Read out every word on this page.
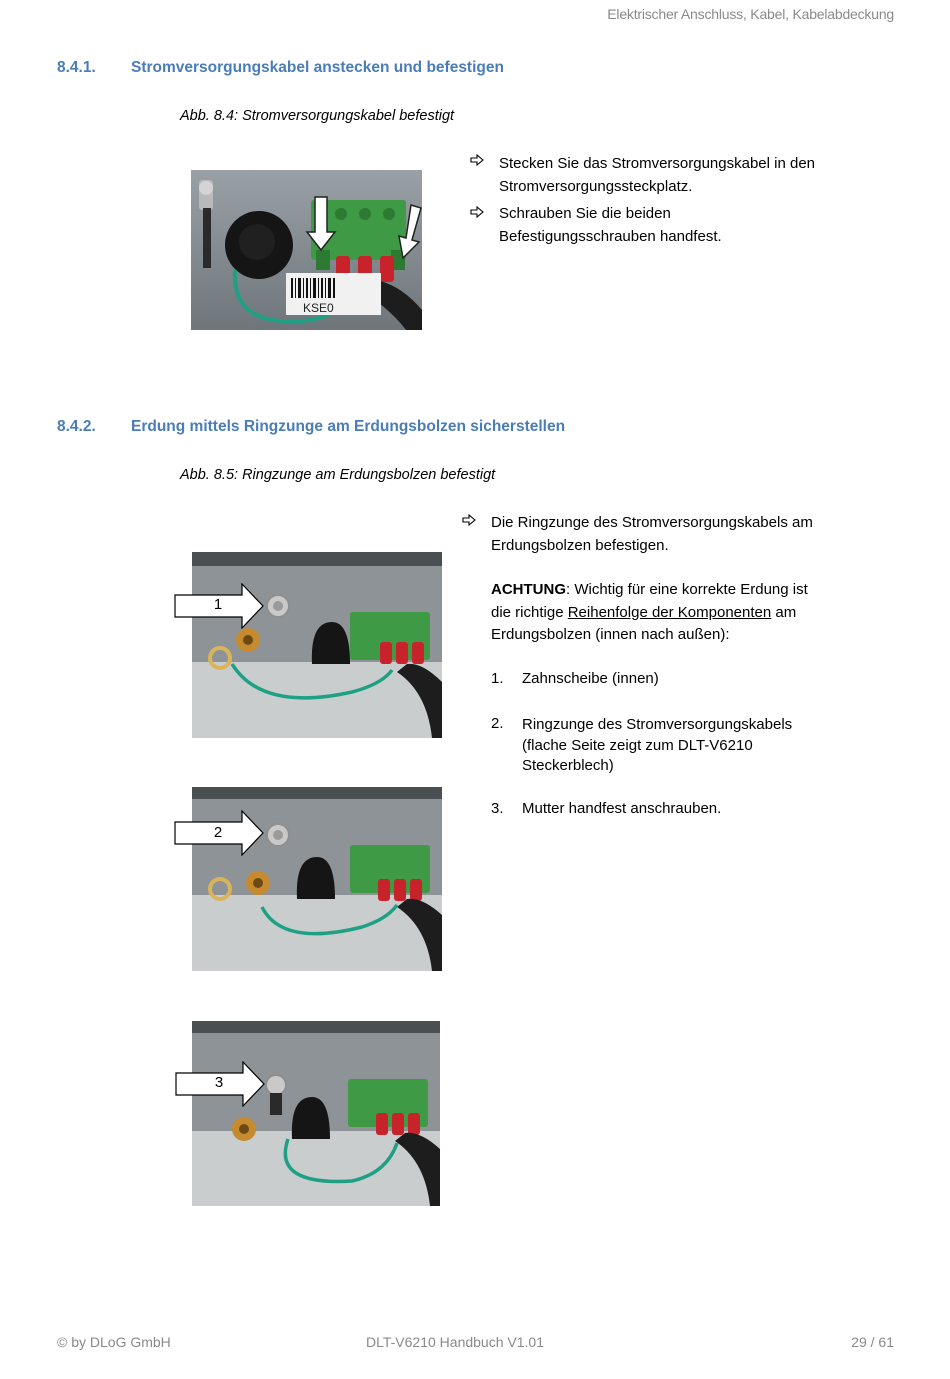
Elektrischer Anschluss, Kabel, Kabelabdeckung
8.4.1. Stromversorgungskabel anstecken und befestigen
Abb. 8.4: Stromversorgungskabel befestigt
KSE0
Stecken Sie das Stromversorgungskabel in den
Stromversorgungssteckplatz.
Schrauben Sie die beiden
Befestigungsschrauben handfest.
8.4.2. Erdung mittels Ringzunge am Erdungsbolzen sicherstellen
Abb. 8.5: Ringzunge am Erdungsbolzen befestigt
1
2
3
Die Ringzunge des Stromversorgungskabels am
Erdungsbolzen befestigen.
ACHTUNG: Wichtig für eine korrekte Erdung ist
die richtige Reihenfolge der Komponenten am
Erdungsbolzen (innen nach außen):
1. Zahnscheibe (innen)
2. Ringzunge des Stromversorgungskabels
(flache Seite zeigt zum DLT-V6210
Steckerblech)
3. Mutter handfest anschrauben.
© by DLoG GmbH	DLT-V6210 Handbuch V1.01	29 / 61
